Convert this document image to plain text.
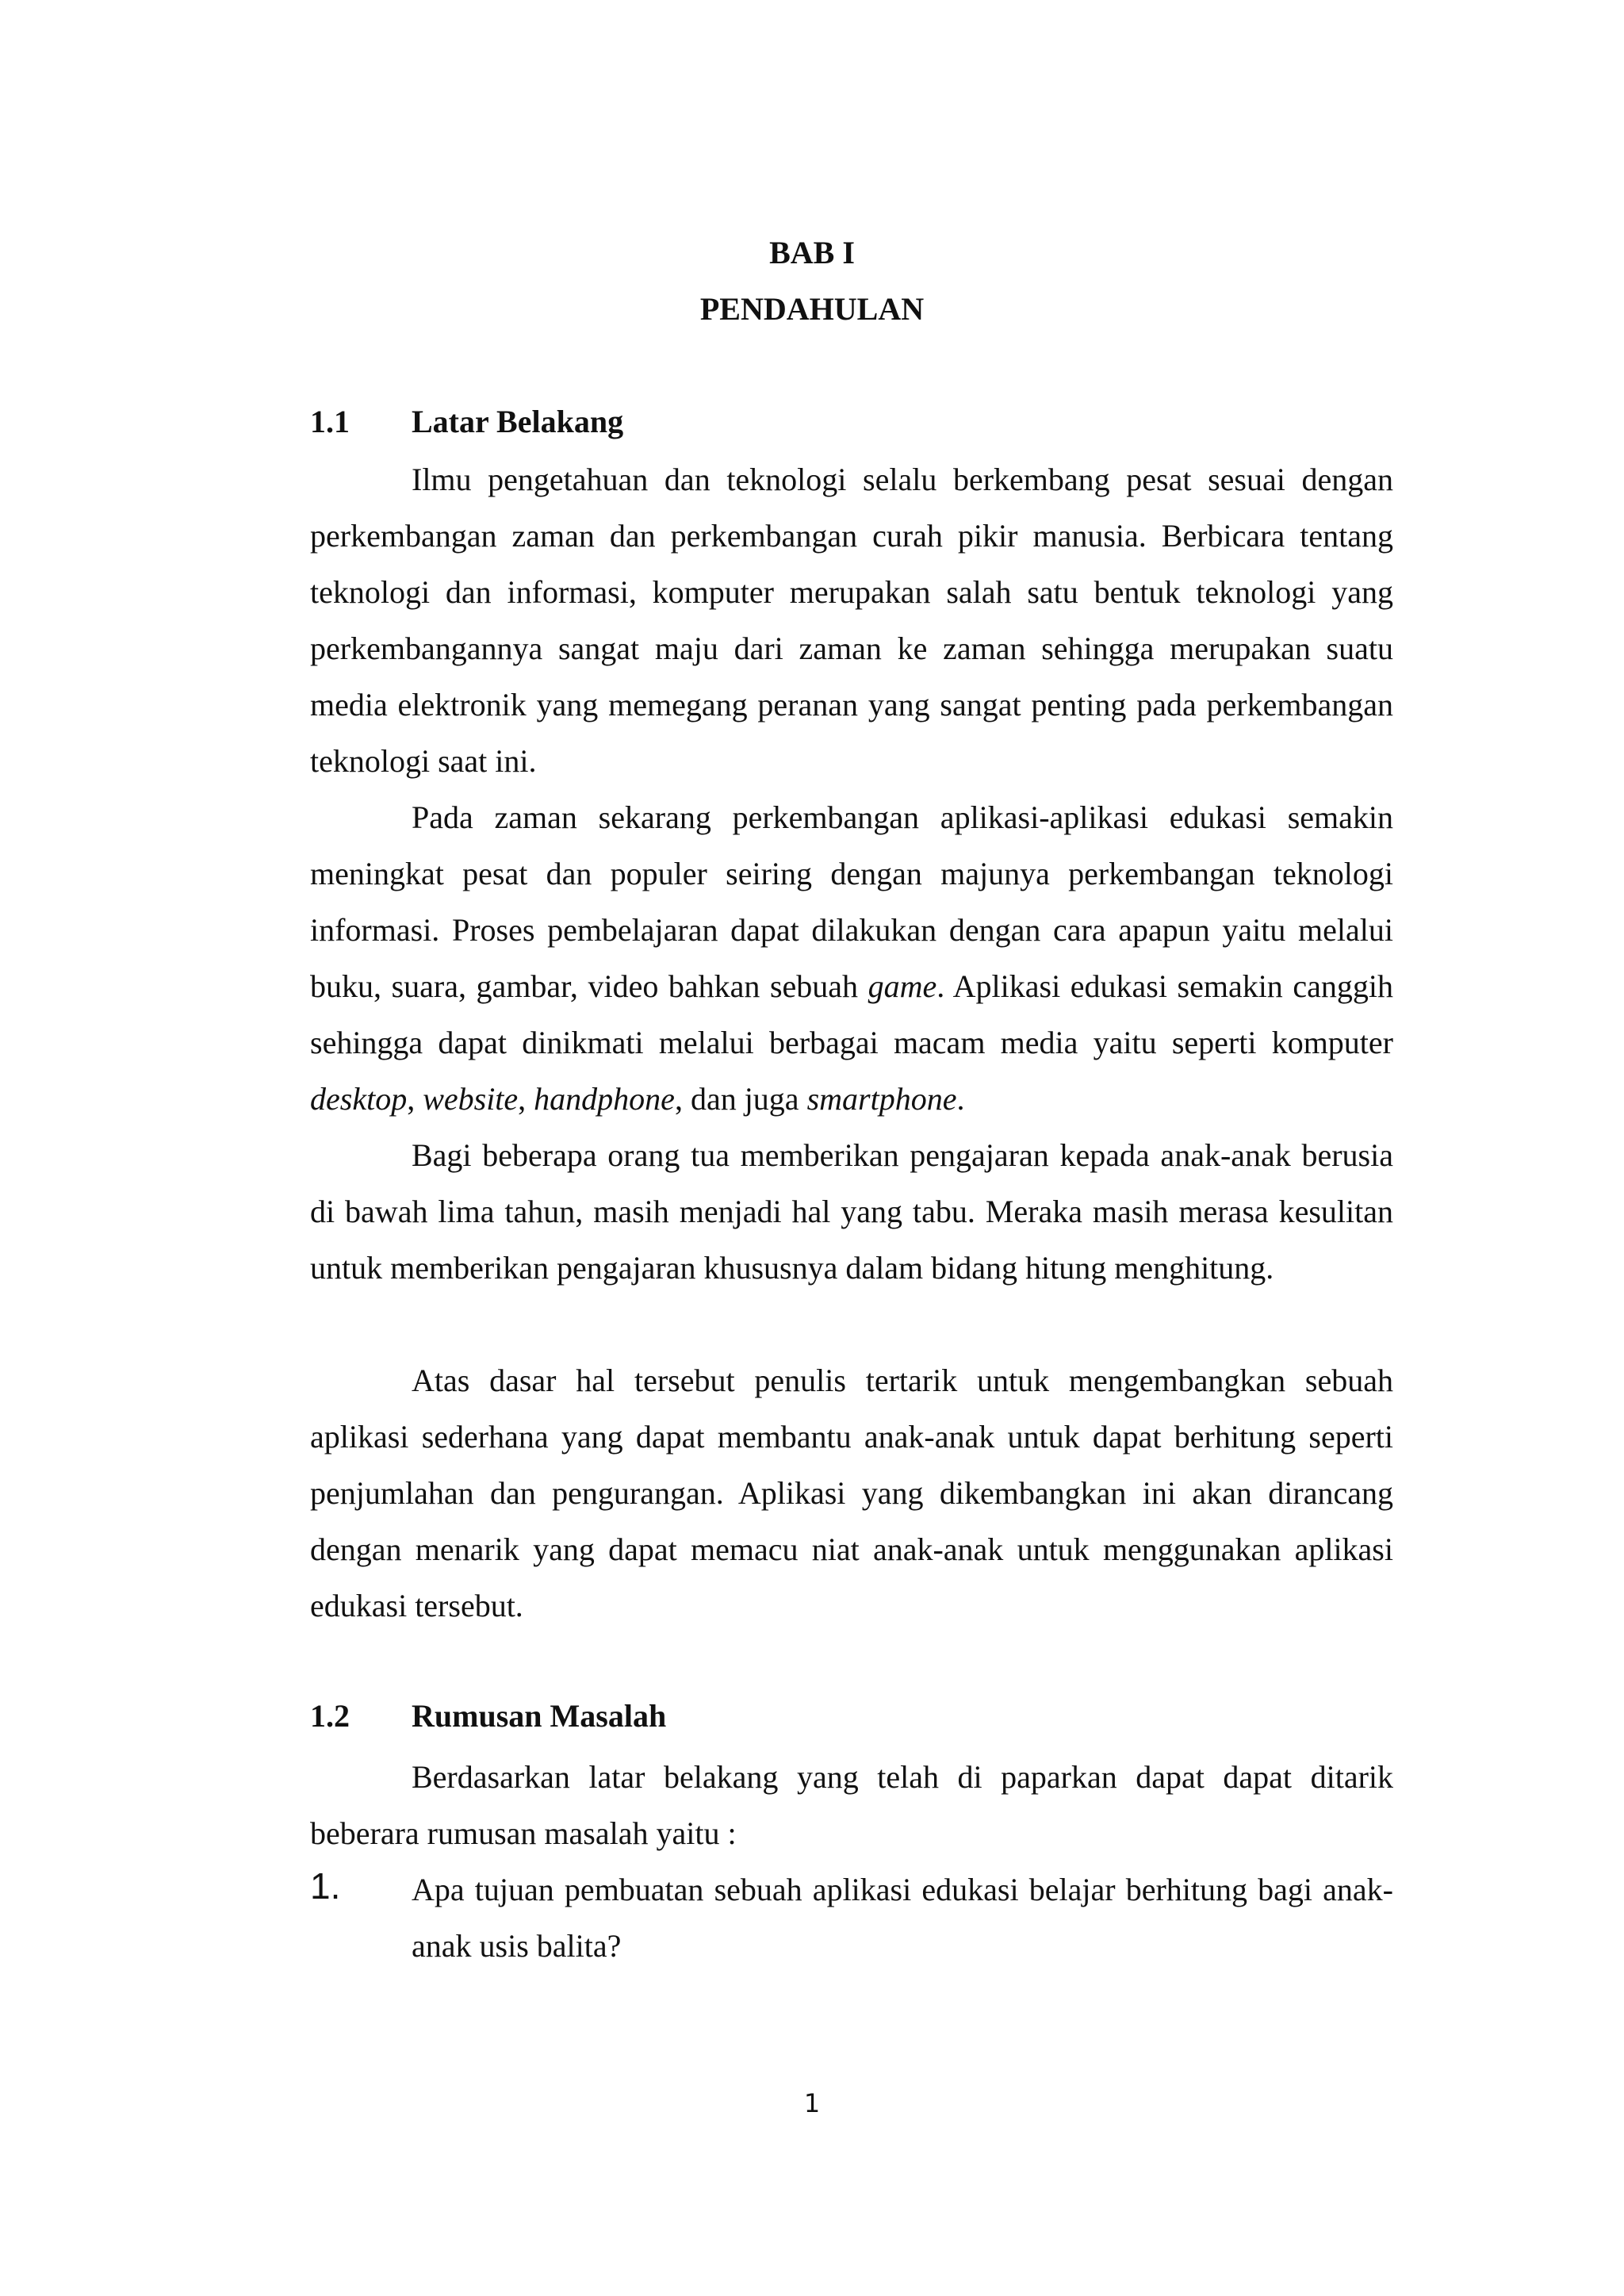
BAB I
PENDAHULAN
1.1 Latar Belakang

Ilmu pengetahuan dan teknologi selalu berkembang pesat sesuai dengan perkembangan zaman dan perkembangan curah pikir manusia. Berbicara tentang teknologi dan informasi, komputer merupakan salah satu bentuk teknologi yang perkembangannya sangat maju dari zaman ke zaman sehingga merupakan suatu media elektronik yang memegang peranan yang sangat penting pada perkembangan teknologi saat ini.

Pada zaman sekarang perkembangan aplikasi-aplikasi edukasi semakin meningkat pesat dan populer seiring dengan majunya perkembangan teknologi informasi. Proses pembelajaran dapat dilakukan dengan cara apapun yaitu melalui buku, suara, gambar, video bahkan sebuah game. Aplikasi edukasi semakin canggih sehingga dapat dinikmati melalui berbagai macam media yaitu seperti komputer desktop, website, handphone, dan juga smartphone.

Bagi beberapa orang tua memberikan pengajaran kepada anak-anak berusia di bawah lima tahun, masih menjadi hal yang tabu. Meraka masih merasa kesulitan untuk memberikan pengajaran khususnya dalam bidang hitung menghitung.

Atas dasar hal tersebut penulis tertarik untuk mengembangkan sebuah aplikasi sederhana yang dapat membantu anak-anak untuk dapat berhitung seperti penjumlahan dan pengurangan. Aplikasi yang dikembangkan ini akan dirancang dengan menarik yang dapat memacu niat anak-anak untuk menggunakan aplikasi edukasi tersebut.

1.2 Rumusan Masalah

Berdasarkan latar belakang yang telah di paparkan dapat dapat ditarik beberara rumusan masalah yaitu :

1. Apa tujuan pembuatan sebuah aplikasi edukasi belajar berhitung bagi anak-anak usis balita?
1
